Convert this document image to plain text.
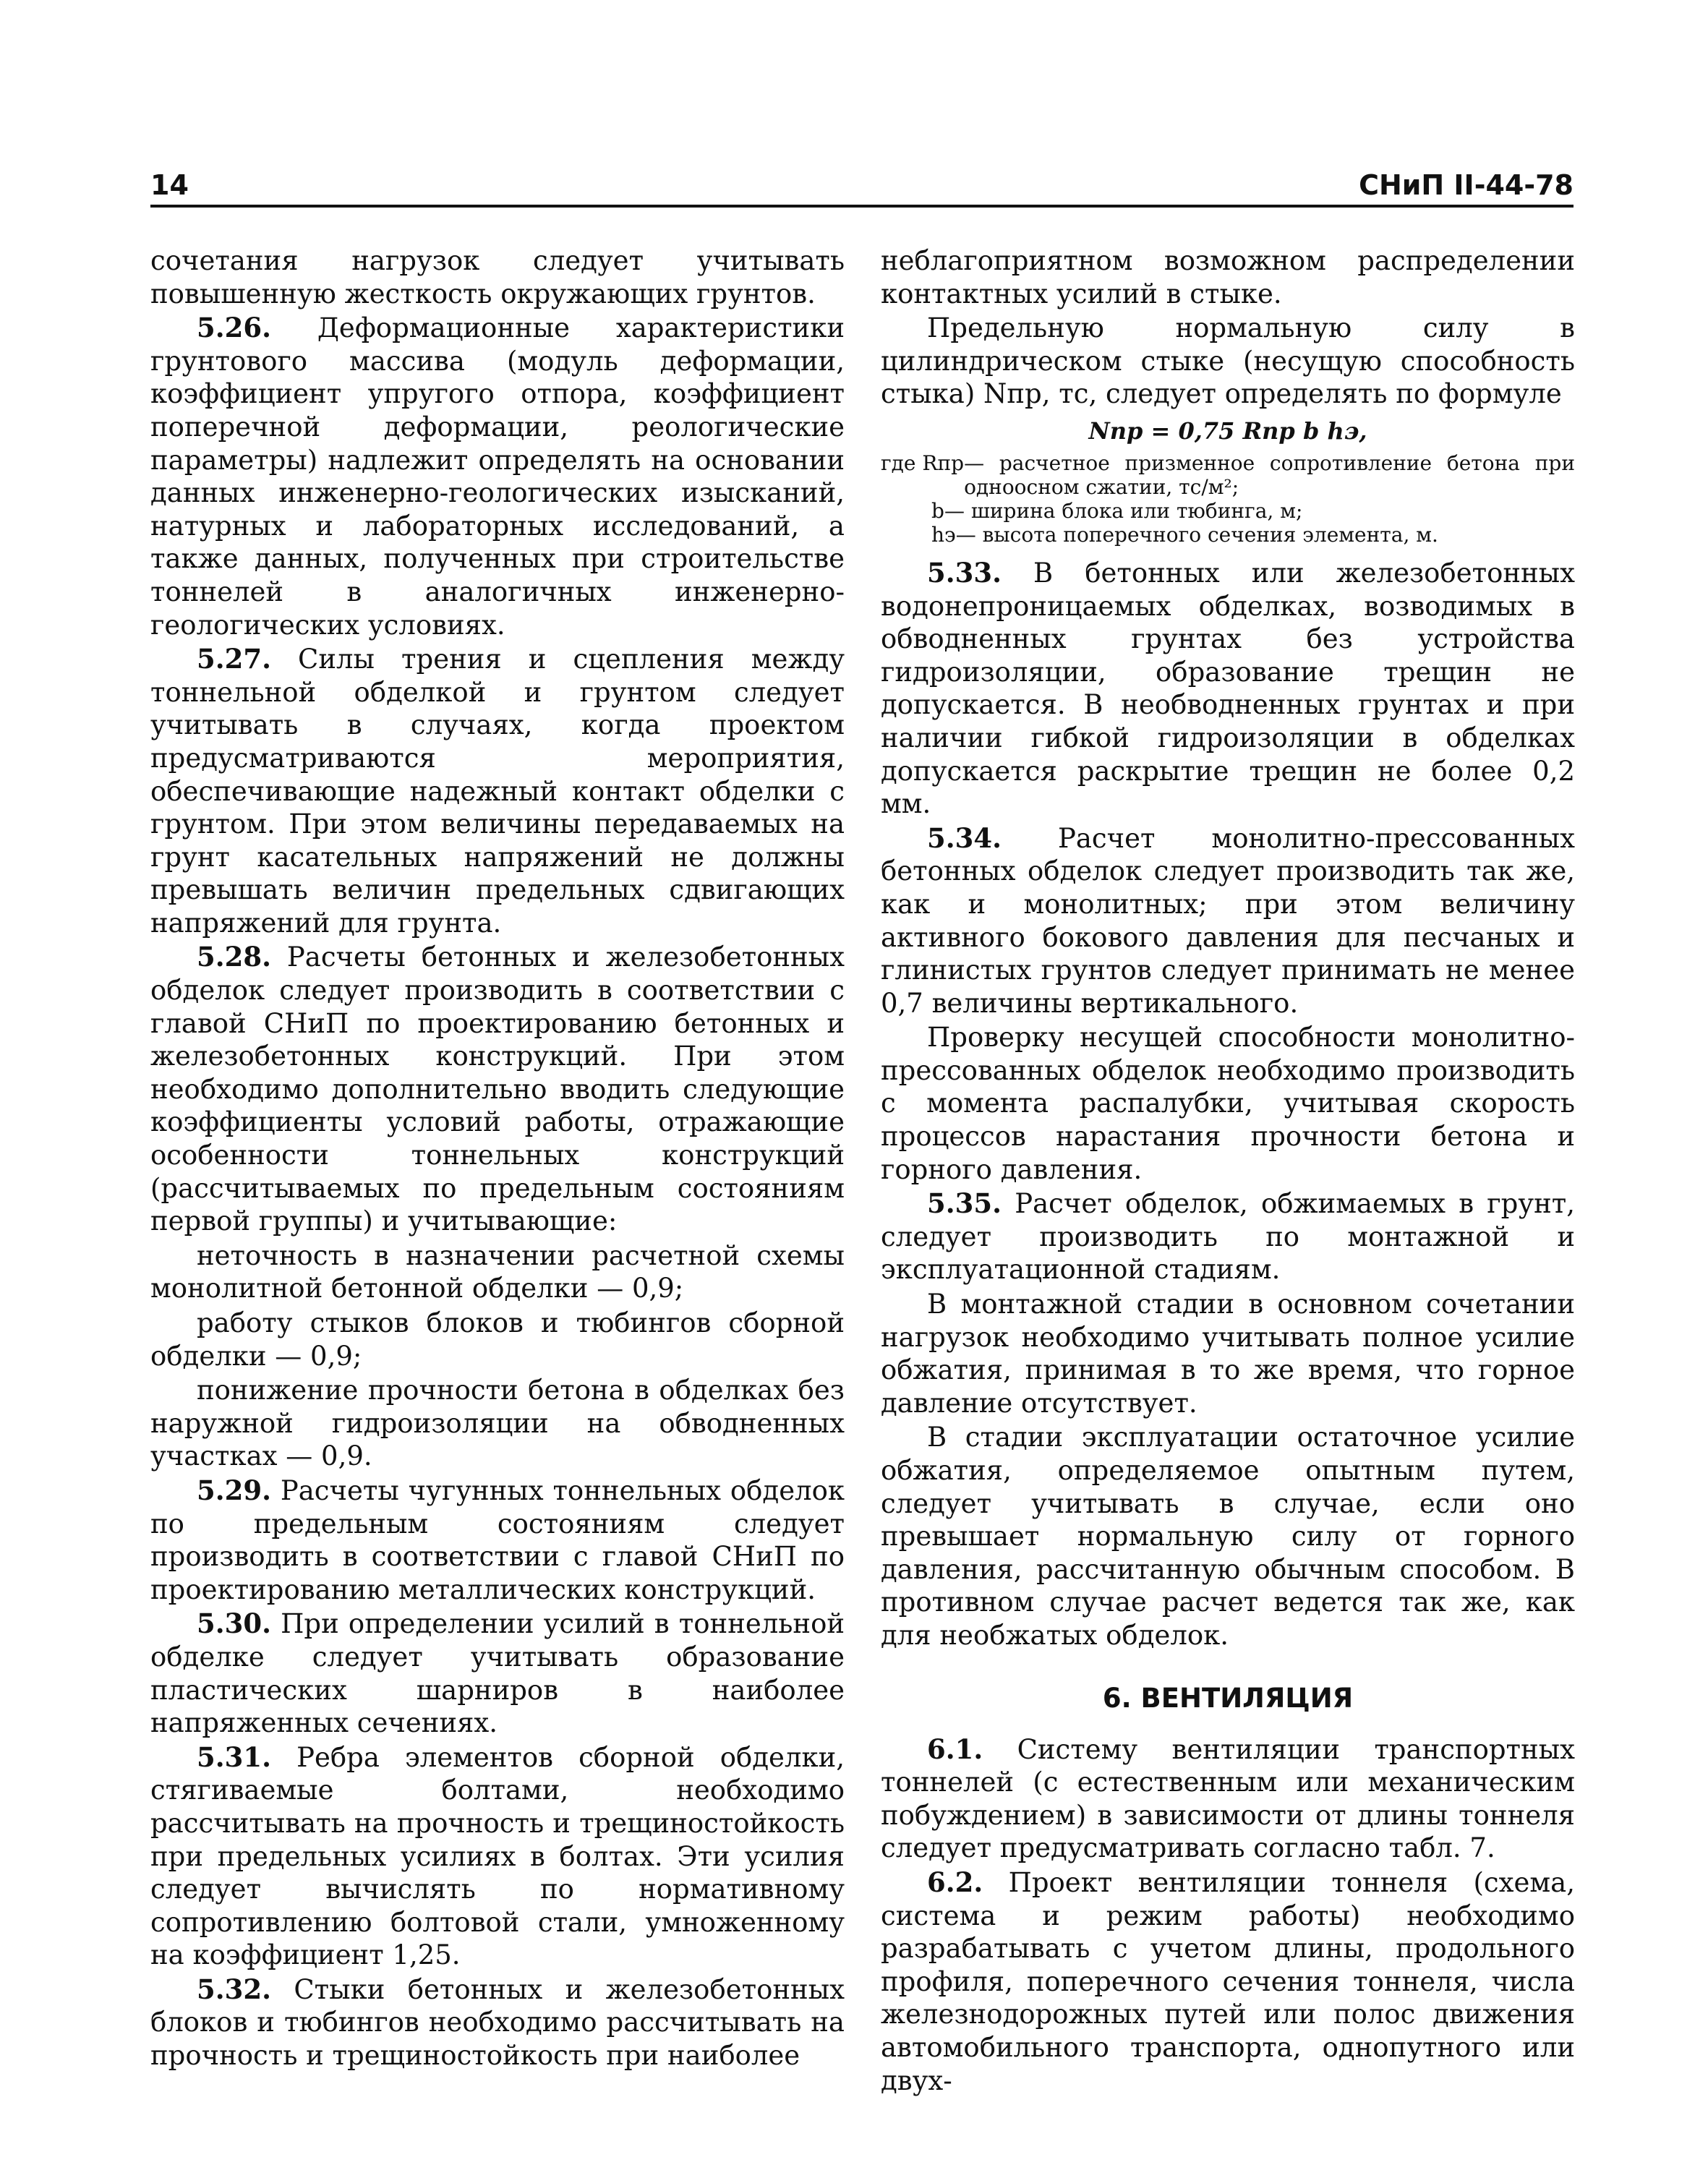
14	СНиП II-44-78

сочетания нагрузок следует учитывать повышенную жесткость окружающих грунтов.

5.26. Деформационные характеристики грунтового массива (модуль деформации, коэффициент упругого отпора, коэффициент поперечной деформации, реологические параметры) надлежит определять на основании данных инженерно-геологических изысканий, натурных и лабораторных исследований, а также данных, полученных при строительстве тоннелей в аналогичных инженерно-геологических условиях.

5.27. Силы трения и сцепления между тоннельной обделкой и грунтом следует учитывать в случаях, когда проектом предусматриваются мероприятия, обеспечивающие надежный контакт обделки с грунтом. При этом величины передаваемых на грунт касательных напряжений не должны превышать величин предельных сдвигающих напряжений для грунта.

5.28. Расчеты бетонных и железобетонных обделок следует производить в соответствии с главой СНиП по проектированию бетонных и железобетонных конструкций. При этом необходимо дополнительно вводить следующие коэффициенты условий работы, отражающие особенности тоннельных конструкций (рассчитываемых по предельным состояниям первой группы) и учитывающие:

неточность в назначении расчетной схемы монолитной бетонной обделки — 0,9;

работу стыков блоков и тюбингов сборной обделки — 0,9;

понижение прочности бетона в обделках без наружной гидроизоляции на обводненных участках — 0,9.

5.29. Расчеты чугунных тоннельных обделок по предельным состояниям следует производить в соответствии с главой СНиП по проектированию металлических конструкций.

5.30. При определении усилий в тоннельной обделке следует учитывать образование пластических шарниров в наиболее напряженных сечениях.

5.31. Ребра элементов сборной обделки, стягиваемые болтами, необходимо рассчитывать на прочность и трещиностойкость при предельных усилиях в болтах. Эти усилия следует вычислять по нормативному сопротивлению болтовой стали, умноженному на коэффициент 1,25.

5.32. Стыки бетонных и железобетонных блоков и тюбингов необходимо рассчитывать на прочность и трещиностойкость при наиболее

неблагоприятном возможном распределении контактных усилий в стыке.

Предельную нормальную силу в цилиндрическом стыке (несущую способность стыка) Nпр, тс, следует определять по формуле

Nпр = 0,75 Rпр b hэ,
где Rпр — расчетное призменное сопротивление бетона при одноосном сжатии, тс/м²;
b — ширина блока или тюбинга, м;
hэ — высота поперечного сечения элемента, м.

5.33. В бетонных или железобетонных водонепроницаемых обделках, возводимых в обводненных грунтах без устройства гидроизоляции, образование трещин не допускается. В необводненных грунтах и при наличии гибкой гидроизоляции в обделках допускается раскрытие трещин не более 0,2 мм.

5.34. Расчет монолитно-прессованных бетонных обделок следует производить так же, как и монолитных; при этом величину активного бокового давления для песчаных и глинистых грунтов следует принимать не менее 0,7 величины вертикального.

Проверку несущей способности монолитно-прессованных обделок необходимо производить с момента распалубки, учитывая скорость процессов нарастания прочности бетона и горного давления.

5.35. Расчет обделок, обжимаемых в грунт, следует производить по монтажной и эксплуатационной стадиям.

В монтажной стадии в основном сочетании нагрузок необходимо учитывать полное усилие обжатия, принимая в то же время, что горное давление отсутствует.

В стадии эксплуатации остаточное усилие обжатия, определяемое опытным путем, следует учитывать в случае, если оно превышает нормальную силу от горного давления, рассчитанную обычным способом. В противном случае расчет ведется так же, как для необжатых обделок.

6. ВЕНТИЛЯЦИЯ

6.1. Систему вентиляции транспортных тоннелей (с естественным или механическим побуждением) в зависимости от длины тоннеля следует предусматривать согласно табл. 7.

6.2. Проект вентиляции тоннеля (схема, система и режим работы) необходимо разрабатывать с учетом длины, продольного профиля, поперечного сечения тоннеля, числа железнодорожных путей или полос движения автомобильного транспорта, однопутного или двух-
